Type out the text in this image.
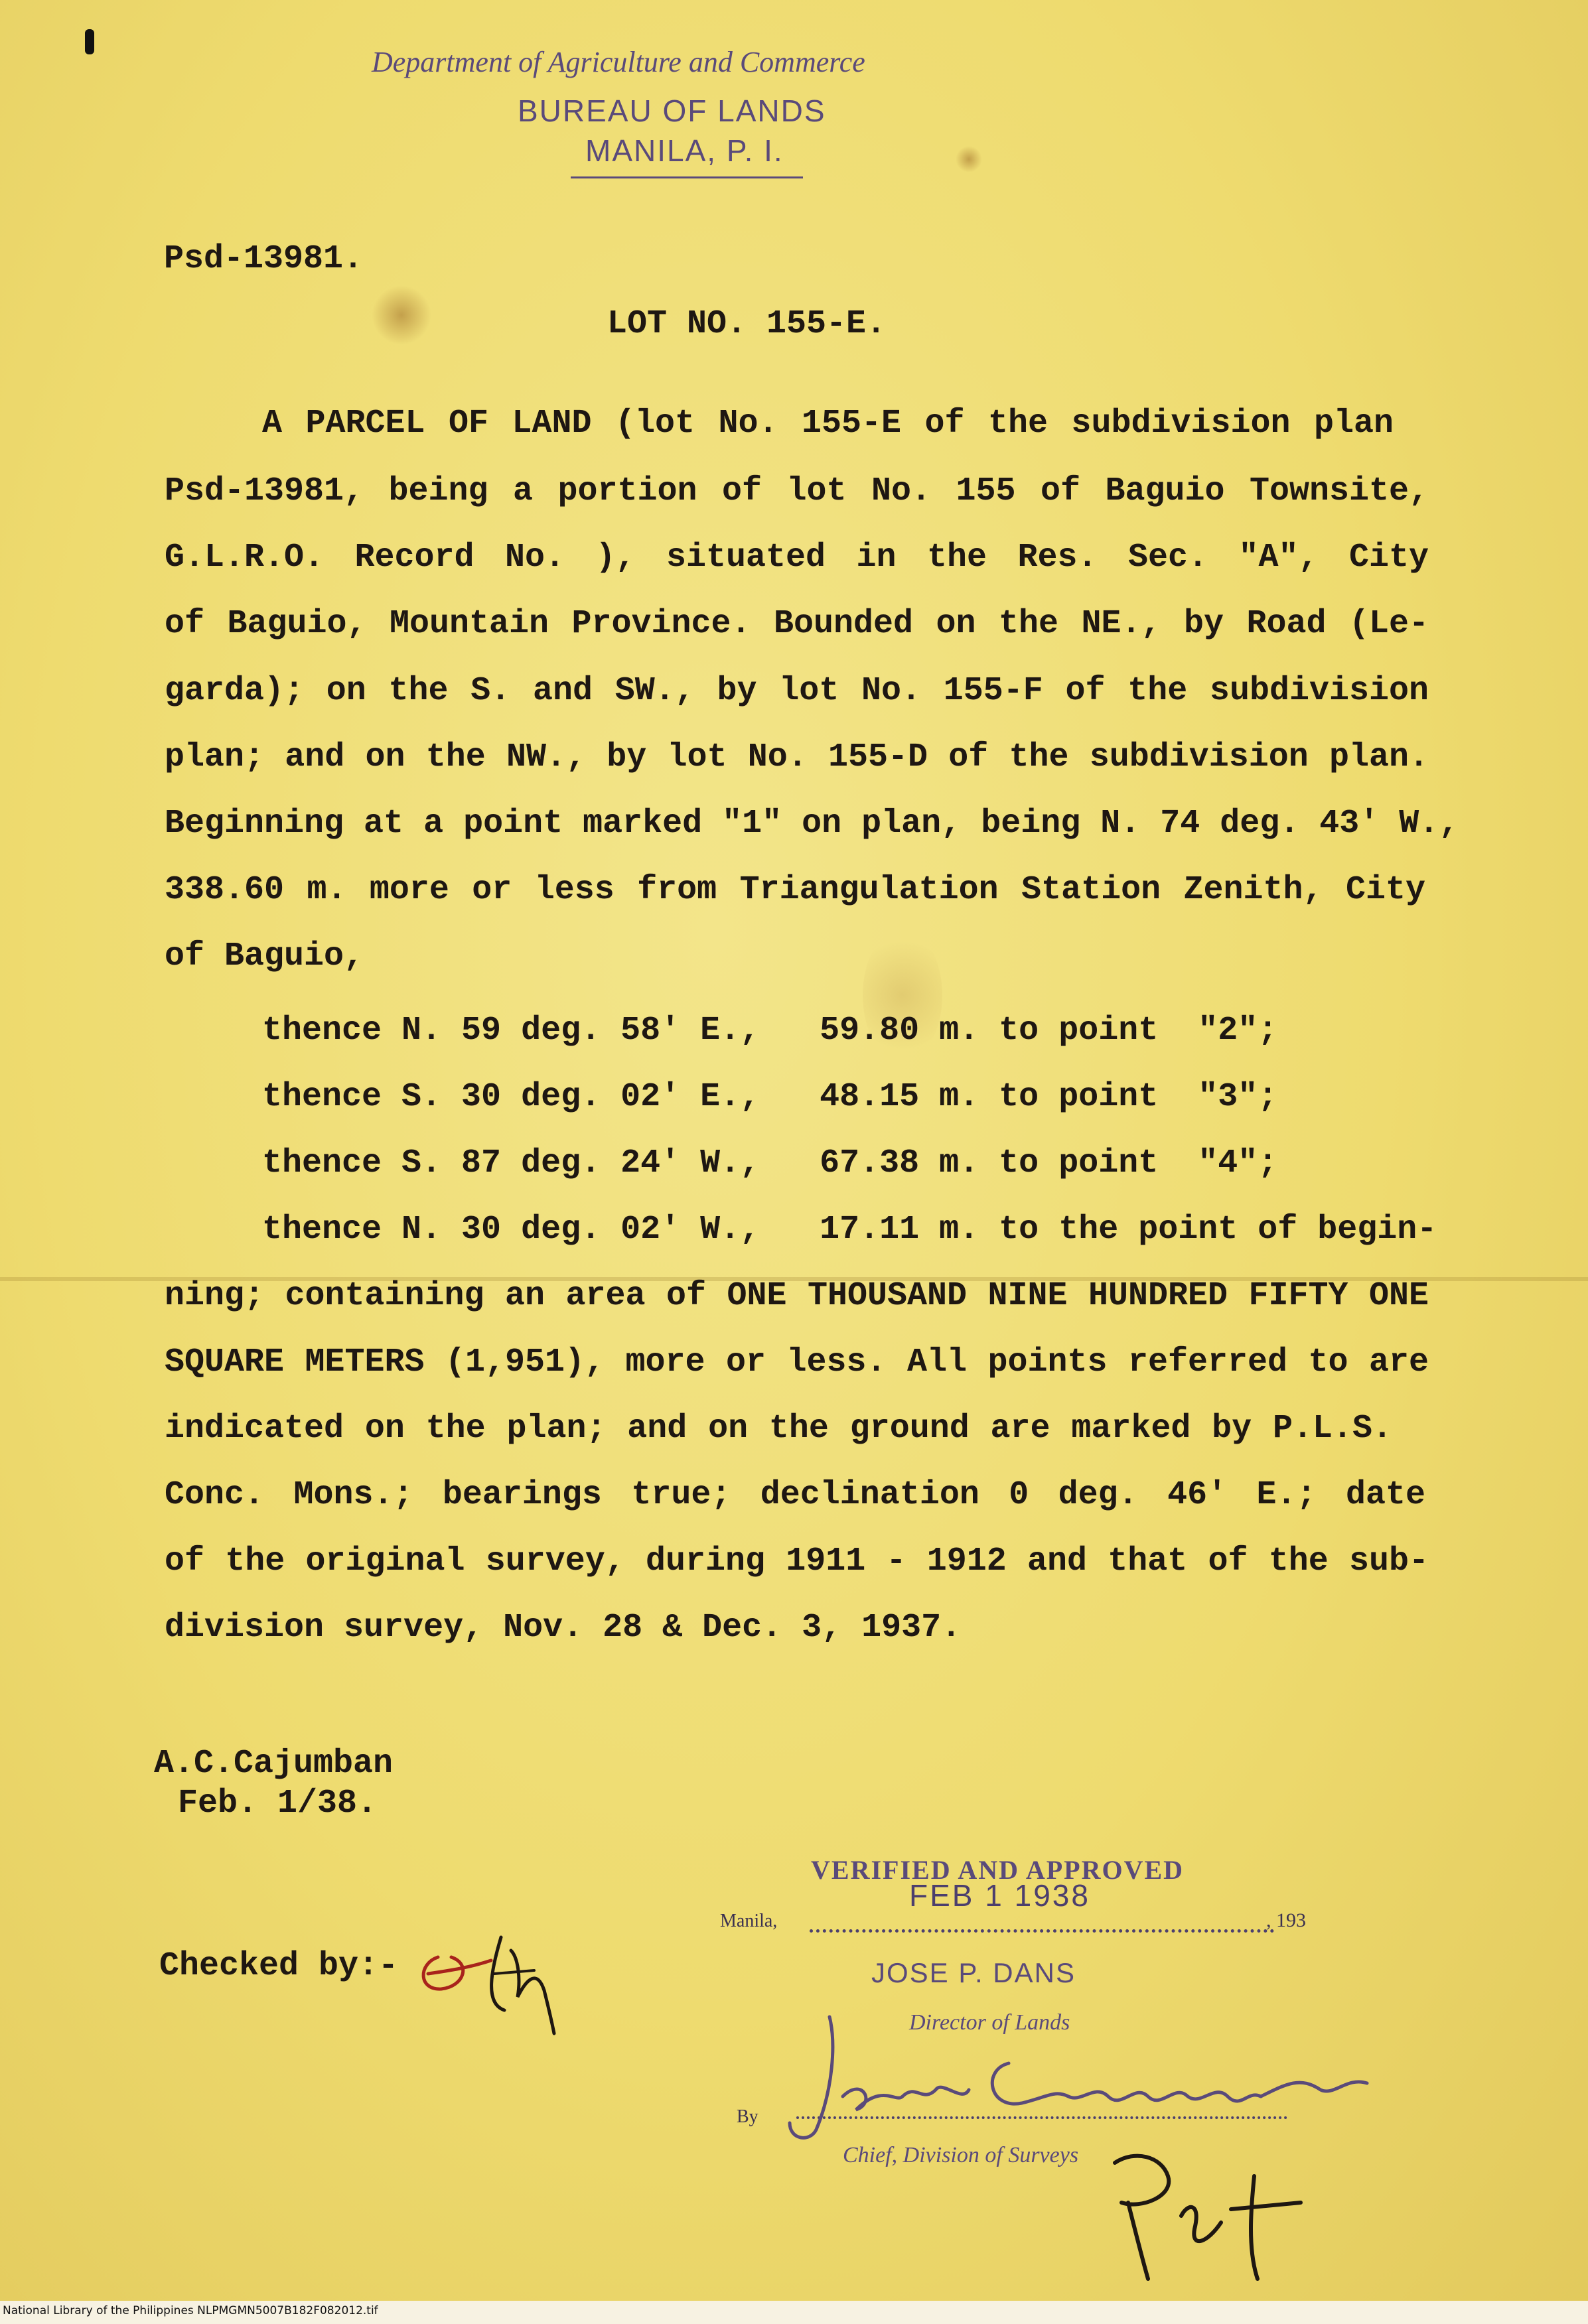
Department of Agriculture and Commerce
BUREAU OF LANDS
MANILA, P. I.

Psd-13981.

LOT NO. 155-E.

A PARCEL OF LAND (lot No. 155-E of the subdivision plan

Psd-13981, being a portion of lot No. 155 of Baguio Townsite,

G.L.R.O. Record No. ), situated in the Res. Sec. "A", City

of Baguio, Mountain Province. Bounded on the NE., by Road (Le-

garda); on the S. and SW., by lot No. 155-F of the subdivision

plan; and on the NW., by lot No. 155-D of the subdivision plan.

Beginning at a point marked "1" on plan, being N. 74 deg. 43' W.,

338.60 m. more or less from Triangulation Station Zenith, City

of Baguio,

thence N. 59 deg. 58' E.,   59.80 m. to point  "2";

thence S. 30 deg. 02' E.,   48.15 m. to point  "3";

thence S. 87 deg. 24' W.,   67.38 m. to point  "4";

thence N. 30 deg. 02' W.,   17.11 m. to the point of begin-

ning; containing an area of ONE THOUSAND NINE HUNDRED FIFTY ONE

SQUARE METERS (1,951), more or less. All points referred to are

indicated on the plan; and on the ground are marked by P.L.S.

Conc. Mons.; bearings true; declination 0 deg. 46' E.; date

of the original survey, during 1911 - 1912 and that of the sub-

division survey, Nov. 28 & Dec. 3, 1937.

A.C.Cajumban

Feb. 1/38.

Checked by:-

VERIFIED AND APPROVED
FEB 1 1938
Manila,	, 193
JOSE P. DANS
Director of Lands
By
Chief, Division of Surveys
National Library of the Philippines NLPMGMN5007B182F082012.tif
